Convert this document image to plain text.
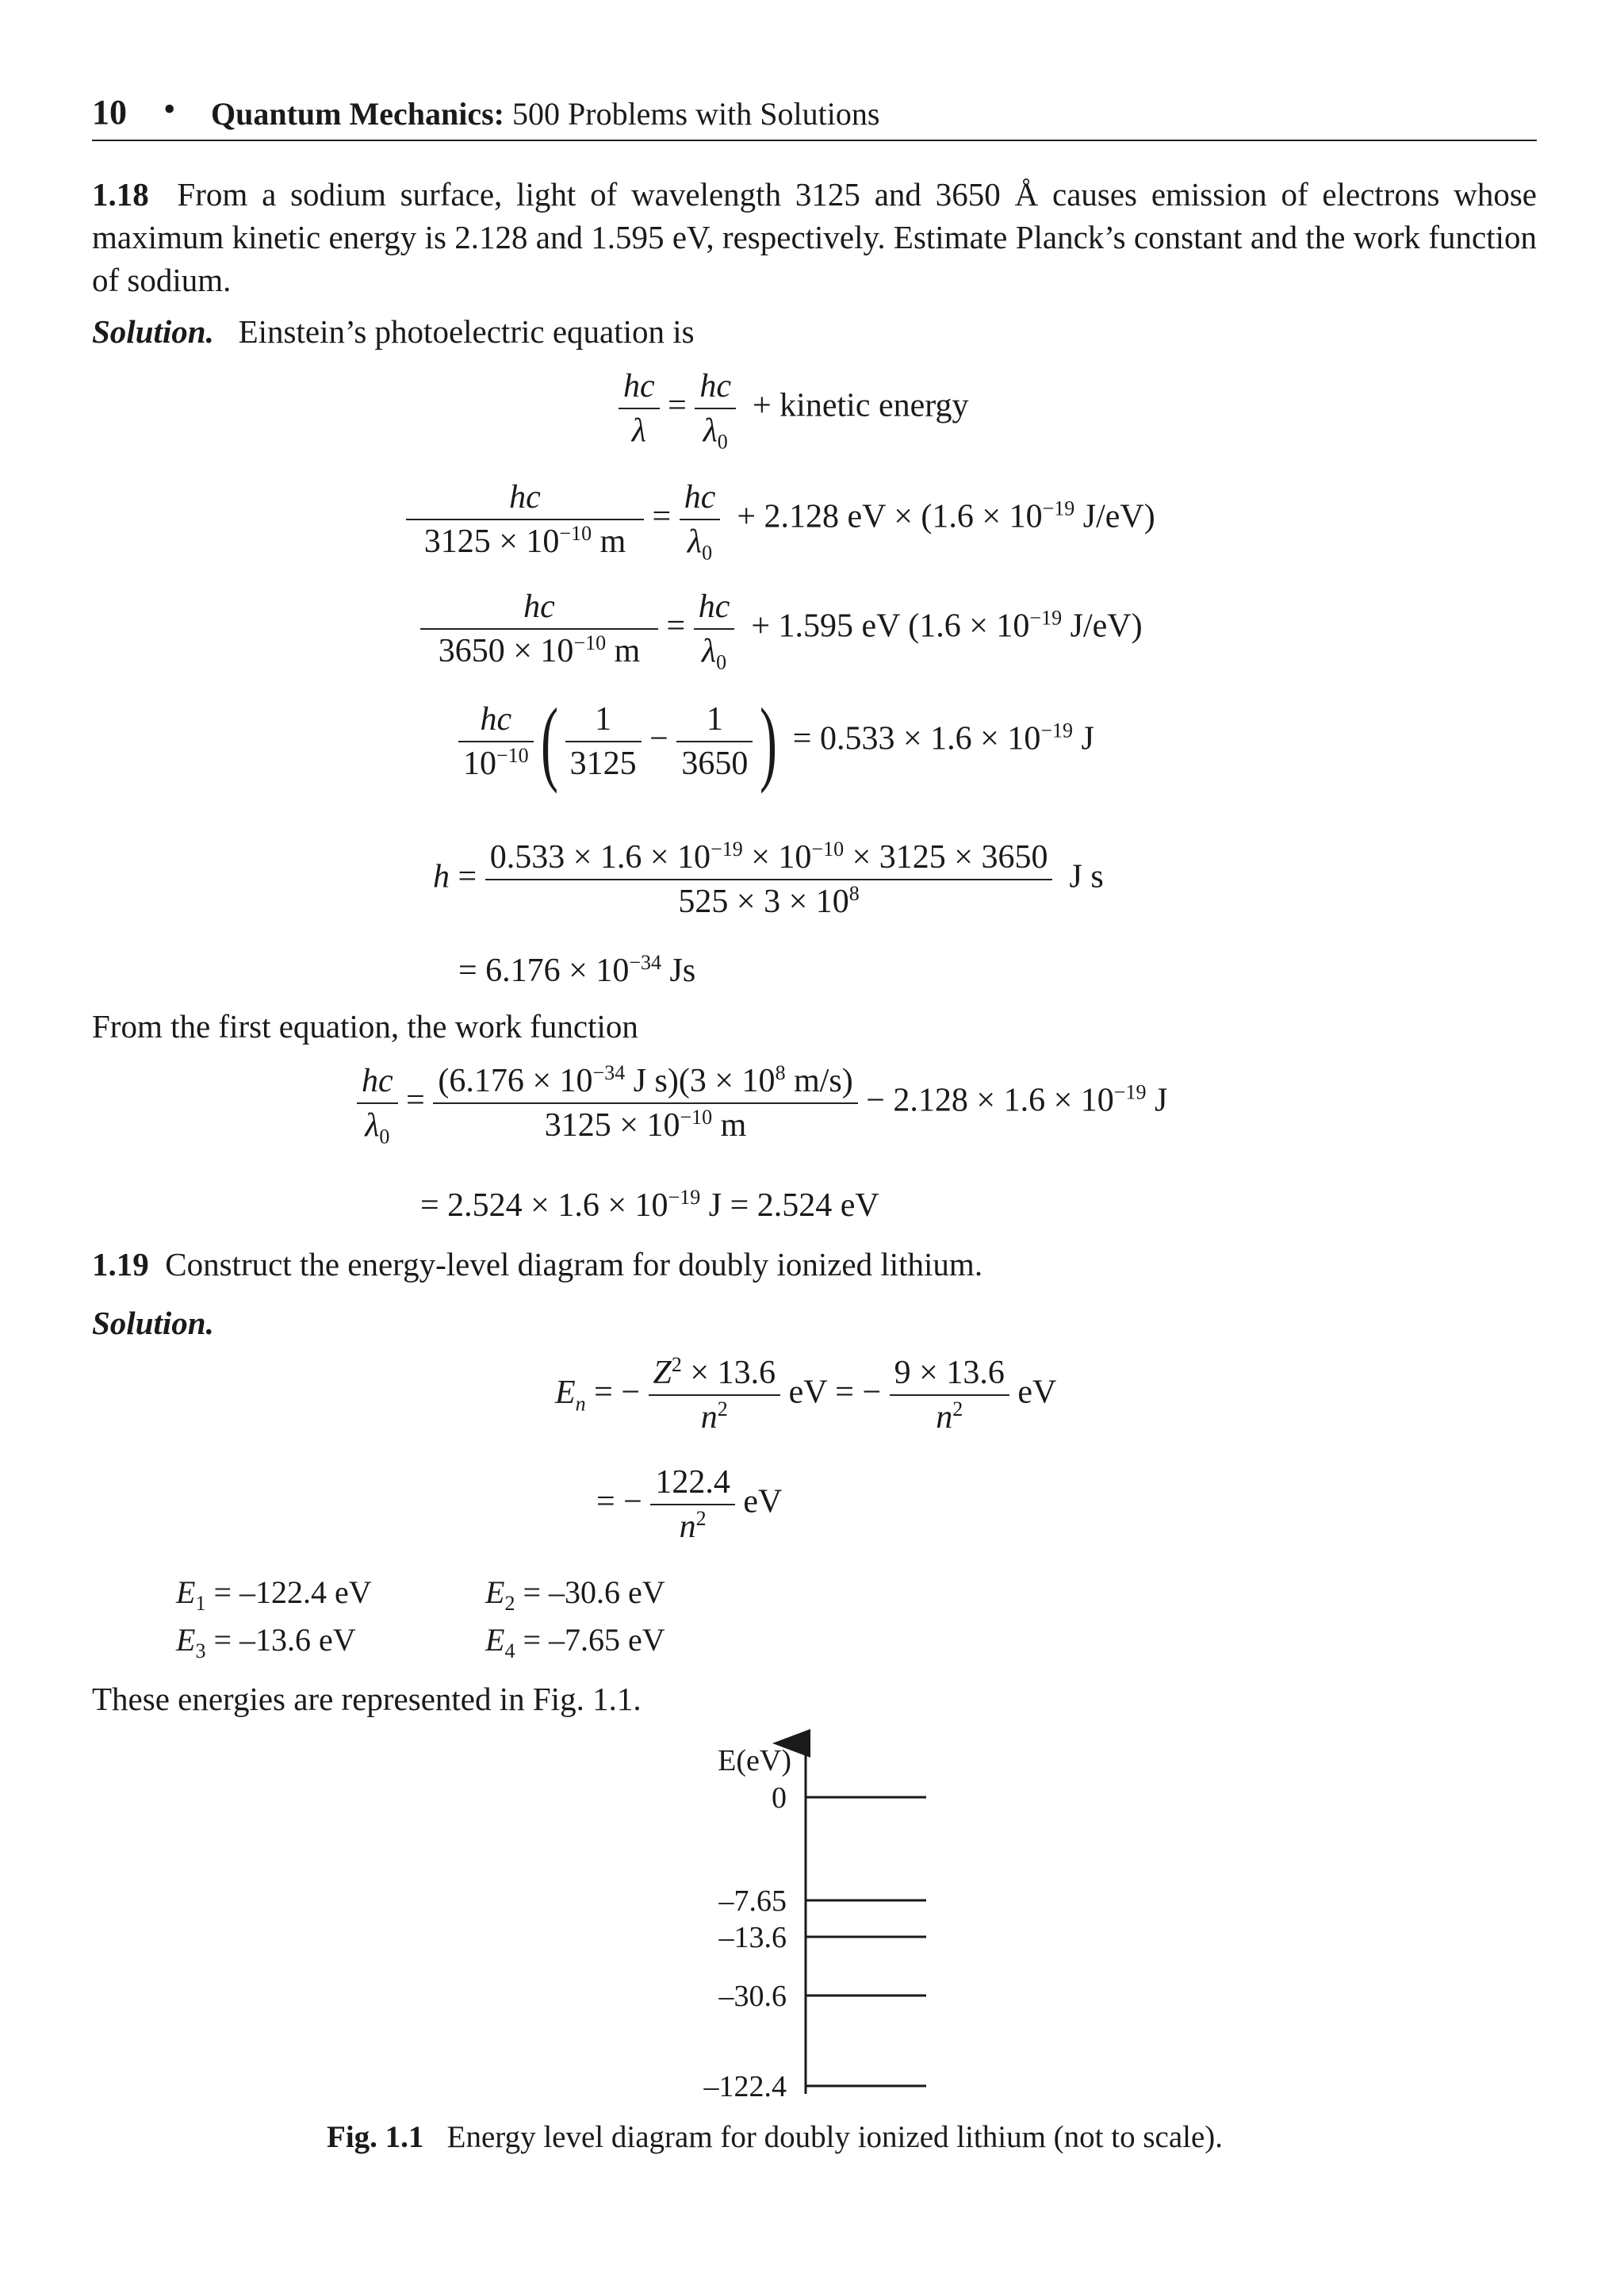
10 • Quantum Mechanics: 500 Problems with Solutions
1.18 From a sodium surface, light of wavelength 3125 and 3650 Å causes emission of electrons whose maximum kinetic energy is 2.128 and 1.595 eV, respectively. Estimate Planck’s constant and the work function of sodium.
Solution. Einstein’s photoelectric equation is
$\frac{hc}{\lambda} = \frac{hc}{\lambda_0}$ + kinetic energy
$\frac{hc}{3125 \times 10^{-10} m} = \frac{hc}{\lambda_0} + 2.128$ eV × ($1.6 \times 10^{-19}$ J/eV)
$\frac{hc}{3650 \times 10^{-10} m} = \frac{hc}{\lambda_0} + 1.595$ eV ($1.6 \times 10^{-19}$ J/eV)
$\frac{hc}{10^{-10}}$ ( $\frac{1}{3125} - \frac{1}{3650}$ ) = $0.533 \times 1.6 \times 10^{-19}$ J
$h = \frac{0.533 \times 1.6 \times 10^{-19} \times 10^{-10} \times 3125 \times 3650}{525 \times 3 \times 10^8}$ J s
= $6.176 \times 10^{-34}$ Js
From the first equation, the work function
$\frac{hc}{\lambda_0} = \frac{(6.176 \times 10^{-34} J s)(3 \times 10^8 m/s)}{3125 \times 10^{-10} m} - 2.128 \times 1.6 \times 10^{-19}$ J
= $2.524 \times 1.6 \times 10^{-19}$ J = 2.524 eV
1.19 Construct the energy-level diagram for doubly ionized lithium.
Solution.
$E_n$ = − $\frac{Z^2 \times 13.6}{n^2}$ eV = − $\frac{9 \times 13.6}{n^2}$ eV
= − $\frac{122.4}{n^2}$ eV
$E_1 = -122.4$ eV	$E_2 = -30.6$ eV
$E_3 = -13.6$ eV	$E_4 = -7.65$ eV
These energies are represented in Fig. 1.1.
E(eV)
0
–7.65
–13.6
–30.6
–122.4
Fig. 1.1 Energy level diagram for doubly ionized lithium (not to scale).
